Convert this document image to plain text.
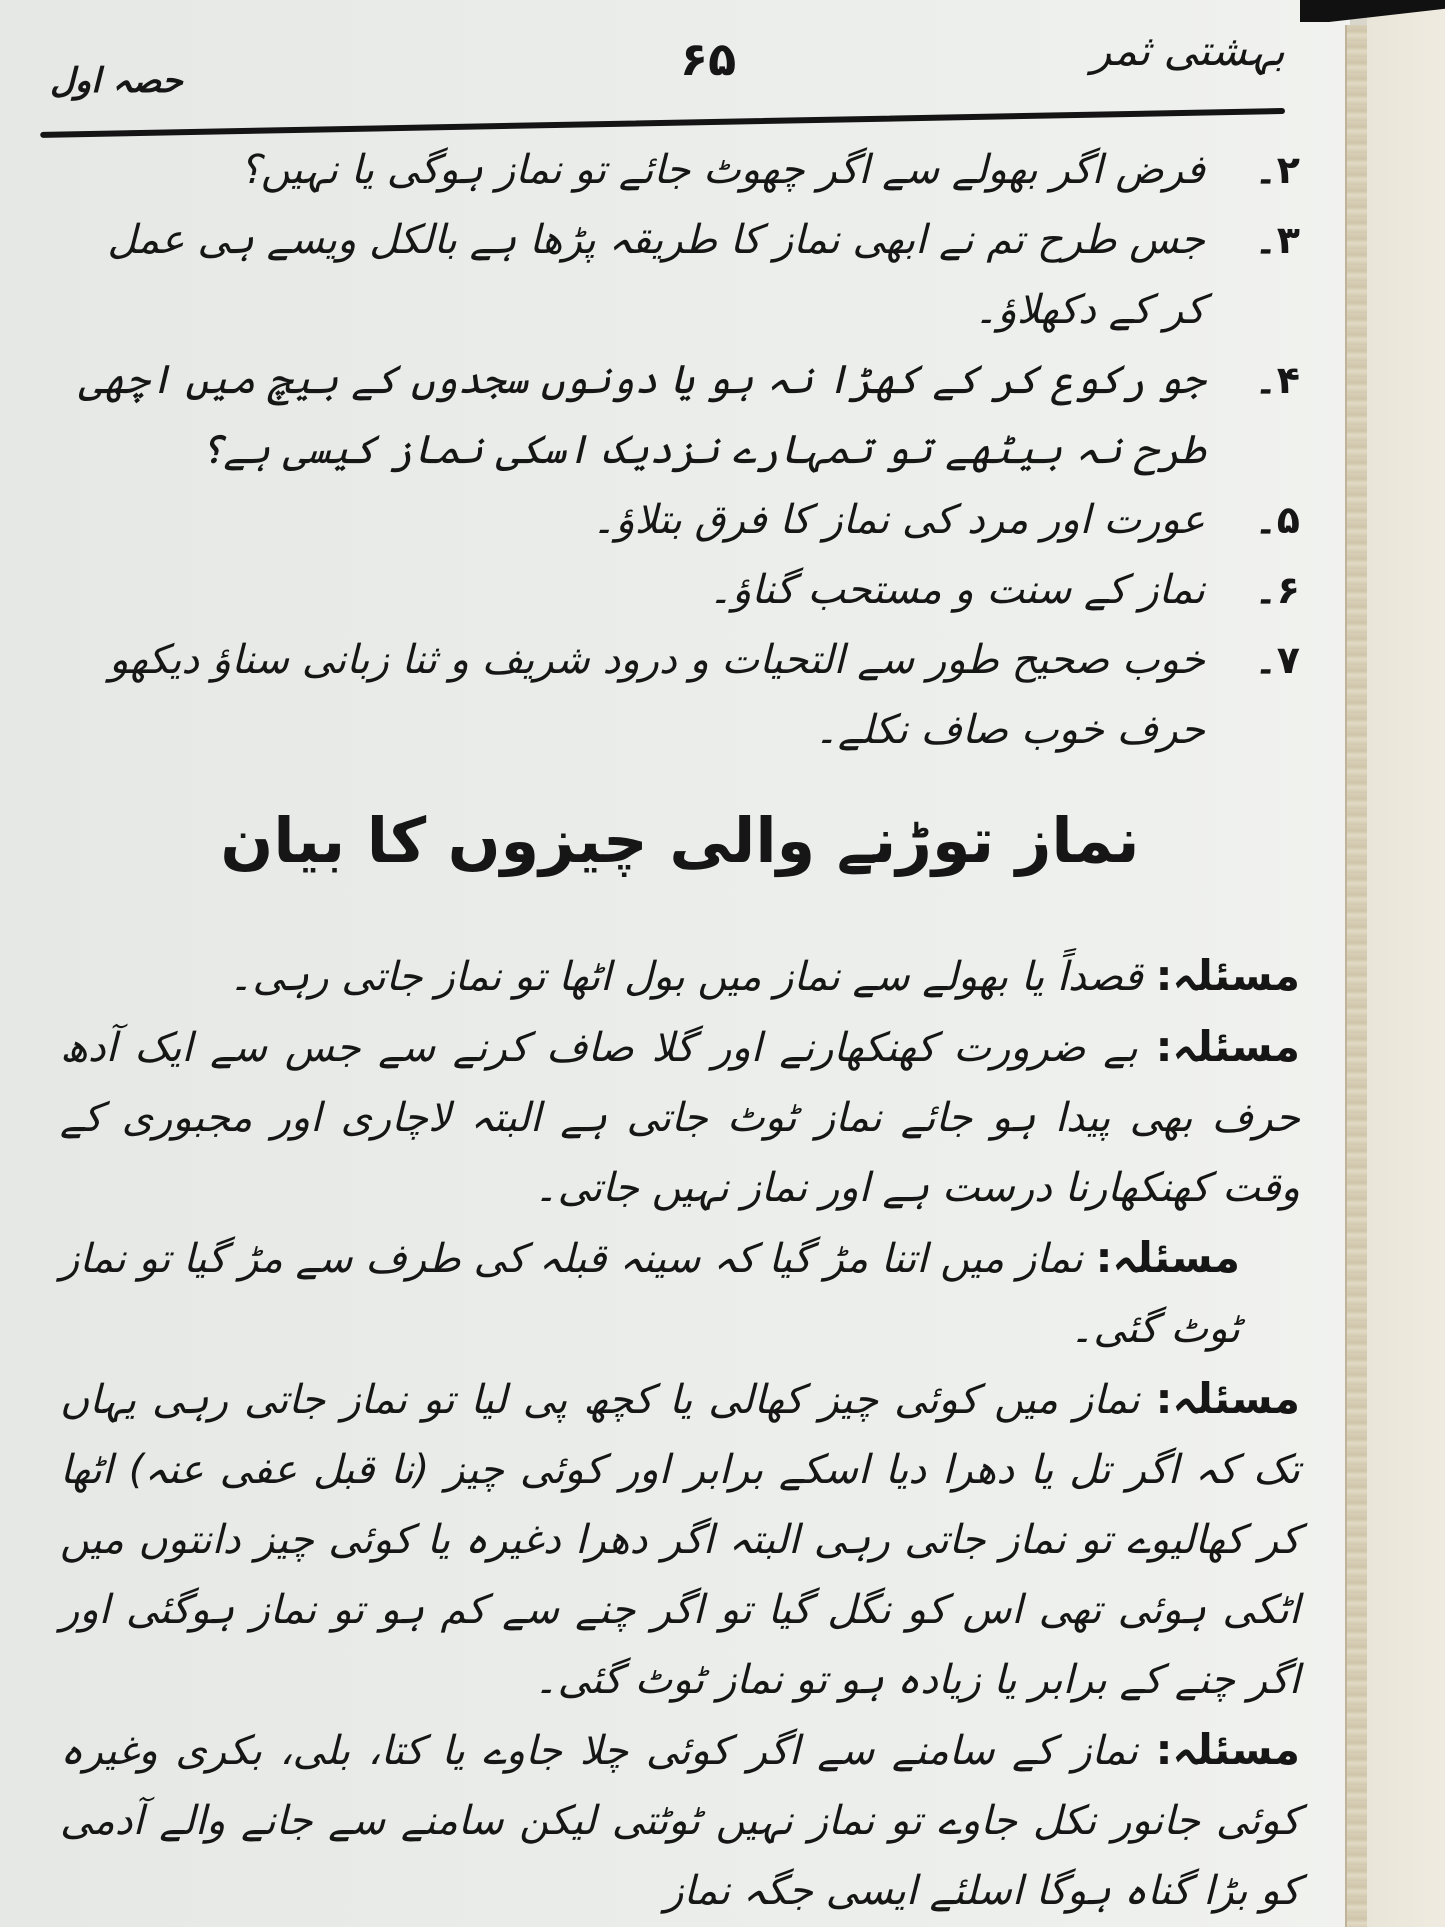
بہشتی ثمر
۶۵
حصہ اول
۲۔
فرض اگر بھولے سے اگر چھوٹ جائے تو نماز ہوگی یا نہیں؟
۳۔
جس طرح تم نے ابھی نماز کا طریقہ پڑھا ہے بالکل ویسے ہی عمل کر کے دکھلاؤ۔
۴۔
جو رکوع کر کے کھڑا نہ ہو یا دونوں سجدوں کے بیچ میں اچھی طرح نہ بیٹھے تو تمہارے نزدیک اسکی نماز کیسی ہے؟
۵۔
عورت اور مرد کی نماز کا فرق بتلاؤ۔
۶۔
نماز کے سنت و مستحب گناؤ۔
۷۔
خوب صحیح طور سے التحیات و درود شریف و ثنا زبانی سناؤ دیکھو حرف خوب صاف نکلے۔
نماز توڑنے والی چیزوں کا بیان

مسئلہ: قصداً یا بھولے سے نماز میں بول اٹھا تو نماز جاتی رہی۔

مسئلہ: بے ضرورت کھنکھارنے اور گلا صاف کرنے سے جس سے ایک آدھ حرف بھی پیدا ہو جائے نماز ٹوٹ جاتی ہے البتہ لاچاری اور مجبوری کے وقت کھنکھارنا درست ہے اور نماز نہیں جاتی۔

مسئلہ: نماز میں اتنا مڑ گیا کہ سینہ قبلہ کی طرف سے مڑ گیا تو نماز ٹوٹ گئی۔

مسئلہ: نماز میں کوئی چیز کھالی یا کچھ پی لیا تو نماز جاتی رہی یہاں تک کہ اگر تل یا دھرا دیا اسکے برابر اور کوئی چیز (نا قبل عفی عنہ) اٹھا کر کھالیوے تو نماز جاتی رہی البتہ اگر دھرا دغیرہ یا کوئی چیز دانتوں میں اٹکی ہوئی تھی اس کو نگل گیا تو اگر چنے سے کم ہو تو نماز ہوگئی اور اگر چنے کے برابر یا زیادہ ہو تو نماز ٹوٹ گئی۔

مسئلہ: نماز کے سامنے سے اگر کوئی چلا جاوے یا کتا، بلی، بکری وغیرہ کوئی جانور نکل جاوے تو نماز نہیں ٹوٹتی لیکن سامنے سے جانے والے آدمی کو بڑا گناہ ہوگا اسلئے ایسی جگہ نماز
